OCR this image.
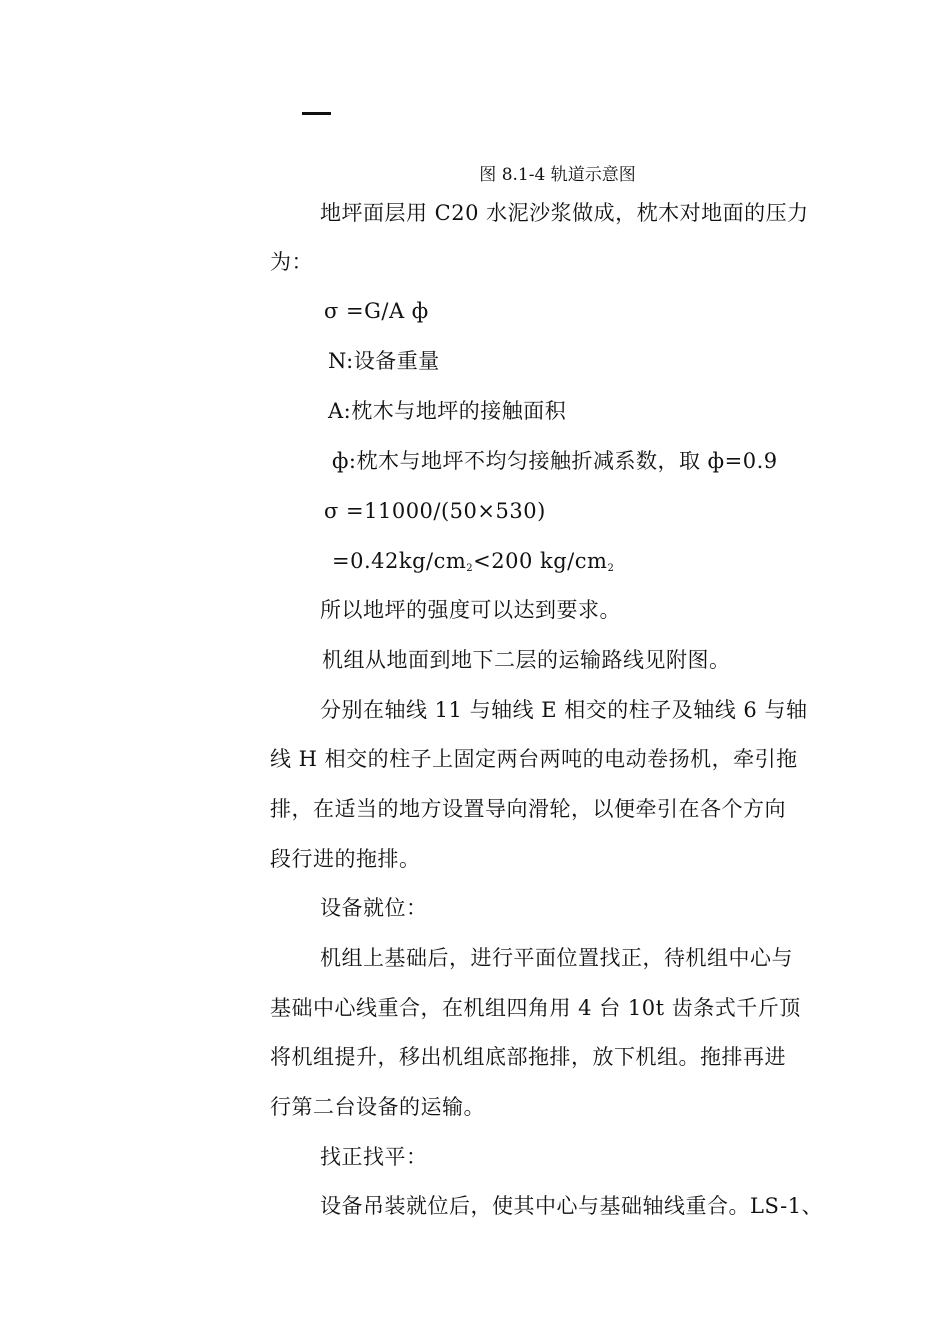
图 8.1-4 轨道示意图
地坪面层用 C20 水泥沙浆做成，枕木对地面的压力
为：
σ =G/A ф
N:设备重量
A:枕木与地坪的接触面积
ф:枕木与地坪不均匀接触折减系数，取 ф=0.9
σ =11000/(50×530)
$=0.42kg/cm^2<200$ $kg/cm^2$
所以地坪的强度可以达到要求。
机组从地面到地下二层的运输路线见附图。
分别在轴线 11 与轴线 E 相交的柱子及轴线 6 与轴
线 H 相交的柱子上固定两台两吨的电动卷扬机，牵引拖
排，在适当的地方设置导向滑轮，以便牵引在各个方向
段行进的拖排。
设备就位：
机组上基础后，进行平面位置找正，待机组中心与
基础中心线重合，在机组四角用 4 台 10t 齿条式千斤顶
将机组提升，移出机组底部拖排，放下机组。拖排再进
行第二台设备的运输。
找正找平：
设备吊装就位后，使其中心与基础轴线重合。LS-1、
